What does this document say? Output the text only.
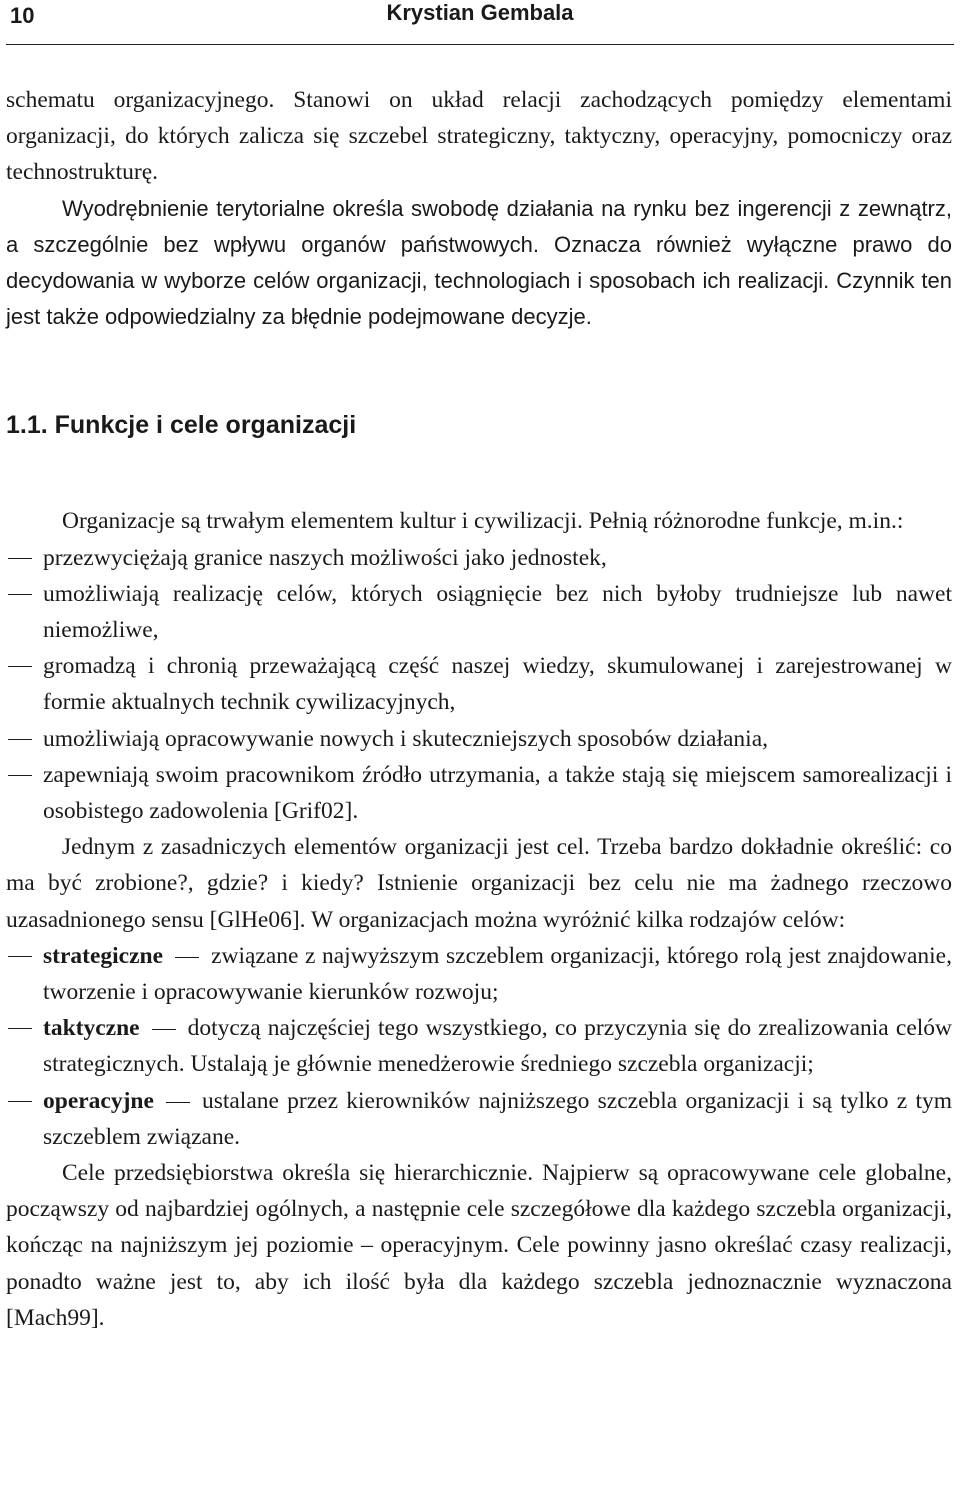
10	Krystian Gembala

schematu organizacyjnego. Stanowi on układ relacji zachodzących pomiędzy elementami organizacji, do których zalicza się szczebel strategiczny, taktyczny, operacyjny, pomocniczy oraz technostrukturę.

Wyodrębnienie terytorialne określa swobodę działania na rynku bez ingerencji z zewnątrz, a szczególnie bez wpływu organów państwowych. Oznacza również wyłączne prawo do decydowania w wyborze celów organizacji, technologiach i sposobach ich realizacji. Czynnik ten jest także odpowiedzialny za błędnie podejmowane decyzje.

1.1. Funkcje i cele organizacji

Organizacje są trwałym elementem kultur i cywilizacji. Pełnią różnorodne funkcje, m.in.:

przezwyciężają granice naszych możliwości jako jednostek,
umożliwiają realizację celów, których osiągnięcie bez nich byłoby trudniejsze lub nawet niemożliwe,
gromadzą i chronią przeważającą część naszej wiedzy, skumulowanej i zarejestrowanej w formie aktualnych technik cywilizacyjnych,
umożliwiają opracowywanie nowych i skuteczniejszych sposobów działania,
zapewniają swoim pracownikom źródło utrzymania, a także stają się miejscem samorealizacji i osobistego zadowolenia [Grif02].

Jednym z zasadniczych elementów organizacji jest cel. Trzeba bardzo dokładnie określić: co ma być zrobione?, gdzie? i kiedy? Istnienie organizacji bez celu nie ma żadnego rzeczowo uzasadnionego sensu [GlHe06]. W organizacjach można wyróżnić kilka rodzajów celów:

strategiczne związane z najwyższym szczeblem organizacji, którego rolą jest znajdowanie, tworzenie i opracowywanie kierunków rozwoju;
taktyczne dotyczą najczęściej tego wszystkiego, co przyczynia się do zrealizowania celów strategicznych. Ustalają je głównie menedżerowie średniego szczebla organizacji;
operacyjne ustalane przez kierowników najniższego szczebla organizacji i są tylko z tym szczeblem związane.

Cele przedsiębiorstwa określa się hierarchicznie. Najpierw są opracowywane cele globalne, począwszy od najbardziej ogólnych, a następnie cele szczegółowe dla każdego szczebla organizacji, kończąc na najniższym jej poziomie – operacyjnym. Cele powinny jasno określać czasy realizacji, ponadto ważne jest to, aby ich ilość była dla każdego szczebla jednoznacznie wyznaczona [Mach99].
